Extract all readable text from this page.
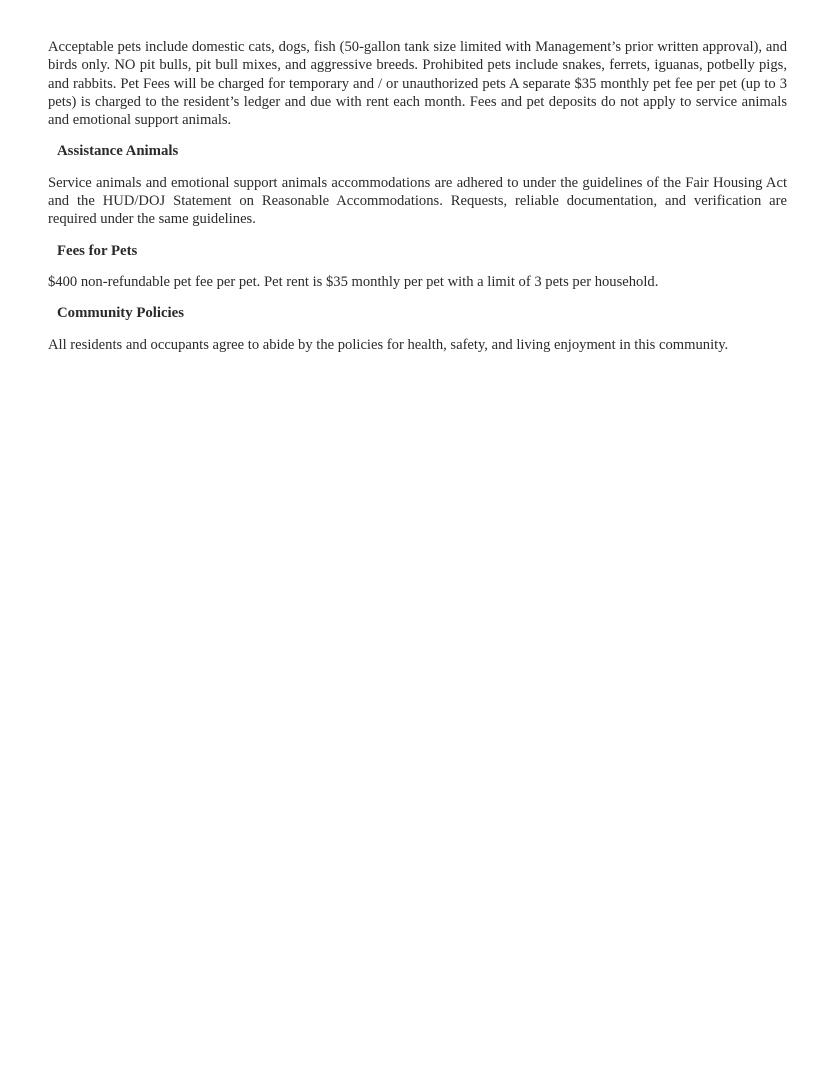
Acceptable pets include domestic cats, dogs, fish (50-gallon tank size limited with Management’s prior written approval), and birds only. NO pit bulls, pit bull mixes, and aggressive breeds. Prohibited pets include snakes, ferrets, iguanas, potbelly pigs, and rabbits. Pet Fees will be charged for temporary and / or unauthorized pets A separate $35 monthly pet fee per pet (up to 3 pets) is charged to the resident’s ledger and due with rent each month. Fees and pet deposits do not apply to service animals and emotional support animals.

Assistance Animals

Service animals and emotional support animals accommodations are adhered to under the guidelines of the Fair Housing Act and the HUD/DOJ Statement on Reasonable Accommodations. Requests, reliable documentation, and verification are required under the same guidelines.

Fees for Pets

$400 non-refundable pet fee per pet. Pet rent is $35 monthly per pet with a limit of 3 pets per household.

Community Policies

All residents and occupants agree to abide by the policies for health, safety, and living enjoyment in this community.
